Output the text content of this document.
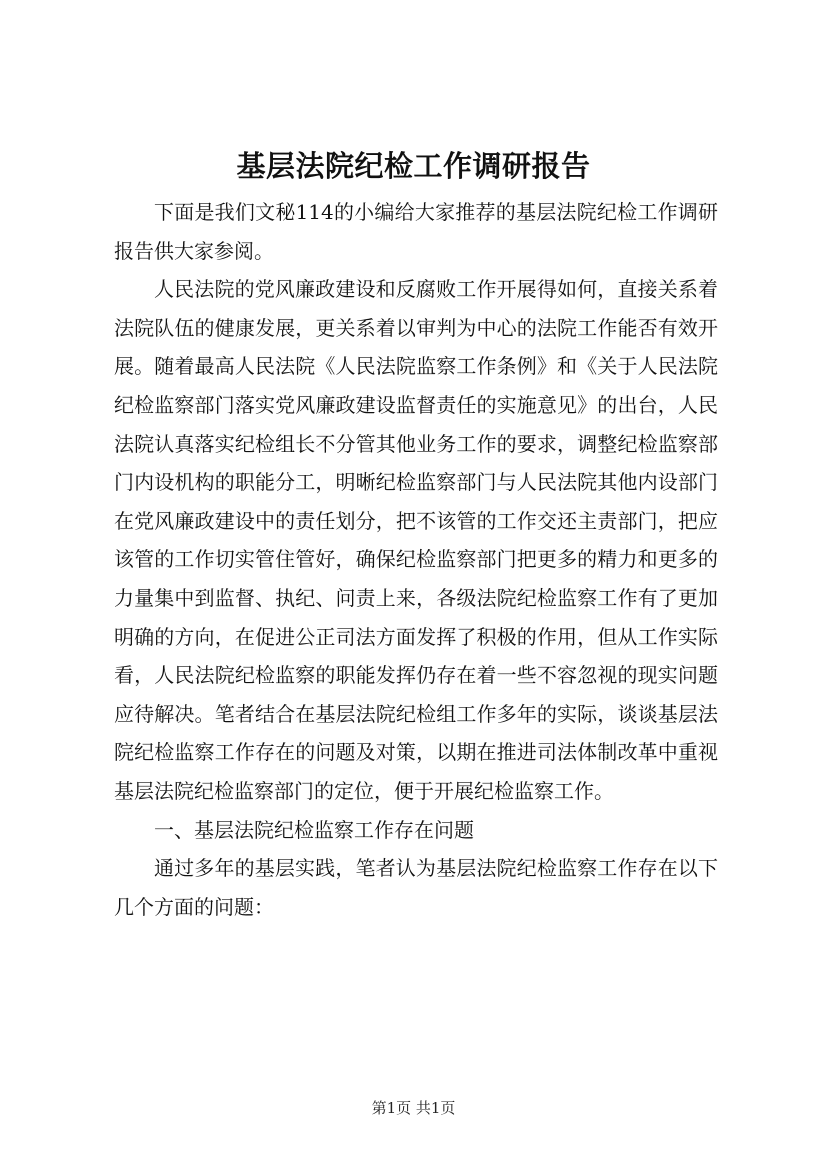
基层法院纪检工作调研报告

下面是我们文秘114的小编给大家推荐的基层法院纪检工作调研报告供大家参阅。

人民法院的党风廉政建设和反腐败工作开展得如何，直接关系着法院队伍的健康发展，更关系着以审判为中心的法院工作能否有效开展。随着最高人民法院《人民法院监察工作条例》和《关于人民法院纪检监察部门落实党风廉政建设监督责任的实施意见》的出台，人民法院认真落实纪检组长不分管其他业务工作的要求，调整纪检监察部门内设机构的职能分工，明晰纪检监察部门与人民法院其他内设部门在党风廉政建设中的责任划分，把不该管的工作交还主责部门，把应该管的工作切实管住管好，确保纪检监察部门把更多的精力和更多的力量集中到监督、执纪、问责上来，各级法院纪检监察工作有了更加明确的方向，在促进公正司法方面发挥了积极的作用，但从工作实际看，人民法院纪检监察的职能发挥仍存在着一些不容忽视的现实问题应待解决。笔者结合在基层法院纪检组工作多年的实际，谈谈基层法院纪检监察工作存在的问题及对策，以期在推进司法体制改革中重视基层法院纪检监察部门的定位，便于开展纪检监察工作。

一、基层法院纪检监察工作存在问题

通过多年的基层实践，笔者认为基层法院纪检监察工作存在以下几个方面的问题：

第1页 共1页
